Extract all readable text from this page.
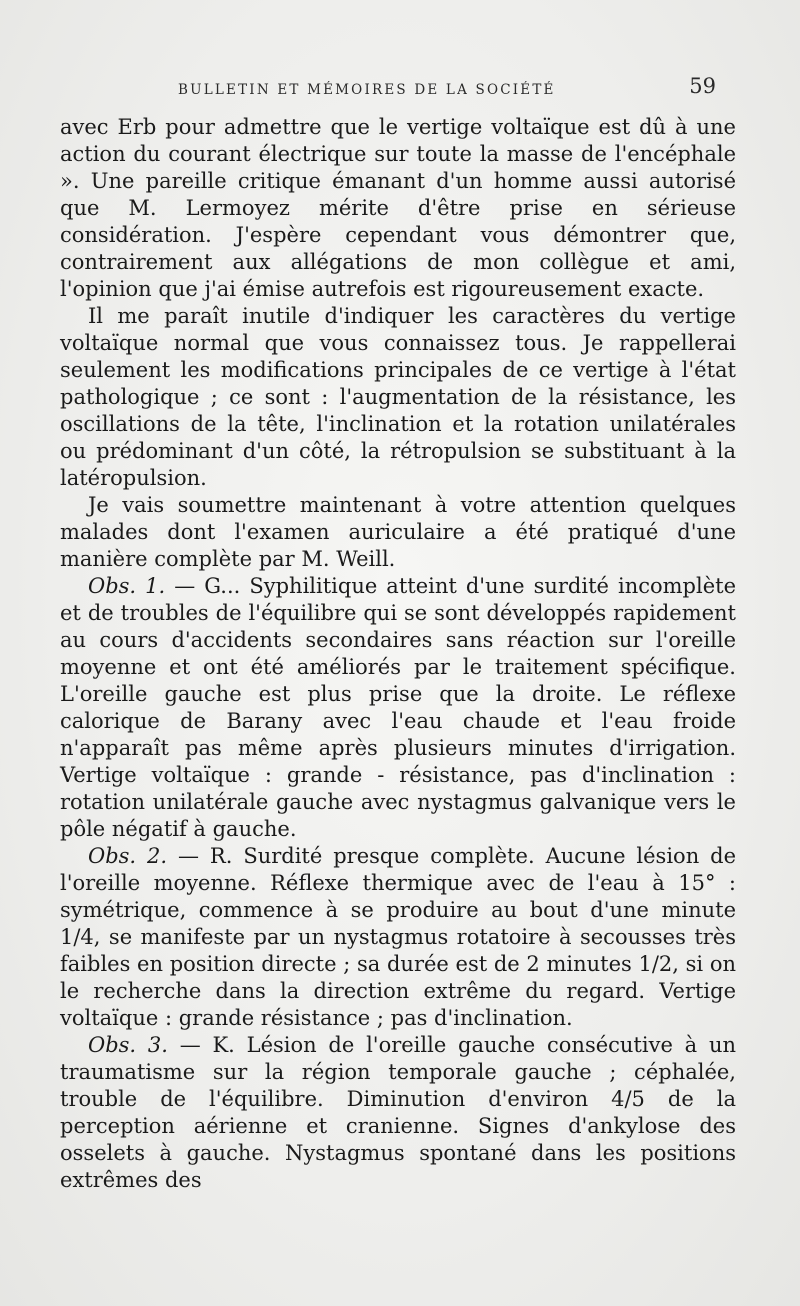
BULLETIN ET MÉMOIRES DE LA SOCIÉTÉ	59

avec Erb pour admettre que le vertige voltaïque est dû à une action du courant électrique sur toute la masse de l'encéphale ». Une pareille critique émanant d'un homme aussi autorisé que M. Lermoyez mérite d'être prise en sérieuse considération. J'espère cependant vous démontrer que, contrairement aux allégations de mon collègue et ami, l'opinion que j'ai émise autrefois est rigoureusement exacte.

Il me paraît inutile d'indiquer les caractères du vertige voltaïque normal que vous connaissez tous. Je rappellerai seulement les modifications principales de ce vertige à l'état pathologique ; ce sont : l'augmentation de la résistance, les oscillations de la tête, l'inclination et la rotation unilatérales ou prédominant d'un côté, la rétropulsion se substituant à la latéropulsion.

Je vais soumettre maintenant à votre attention quelques malades dont l'examen auriculaire a été pratiqué d'une manière complète par M. Weill.

Obs. 1. — G... Syphilitique atteint d'une surdité incomplète et de troubles de l'équilibre qui se sont développés rapidement au cours d'accidents secondaires sans réaction sur l'oreille moyenne et ont été améliorés par le traitement spécifique. L'oreille gauche est plus prise que la droite. Le réflexe calorique de Barany avec l'eau chaude et l'eau froide n'apparaît pas même après plusieurs minutes d'irrigation. Vertige voltaïque : grande - résistance, pas d'inclination : rotation unilatérale gauche avec nystagmus galvanique vers le pôle négatif à gauche.

Obs. 2. — R. Surdité presque complète. Aucune lésion de l'oreille moyenne. Réflexe thermique avec de l'eau à 15° : symétrique, commence à se produire au bout d'une minute 1/4, se manifeste par un nystagmus rotatoire à secousses très faibles en position directe ; sa durée est de 2 minutes 1/2, si on le recherche dans la direction extrême du regard. Vertige voltaïque : grande résistance ; pas d'inclination.

Obs. 3. — K. Lésion de l'oreille gauche consécutive à un traumatisme sur la région temporale gauche ; céphalée, trouble de l'équilibre. Diminution d'environ 4/5 de la perception aérienne et cranienne. Signes d'ankylose des osselets à gauche. Nystagmus spontané dans les positions extrêmes des
